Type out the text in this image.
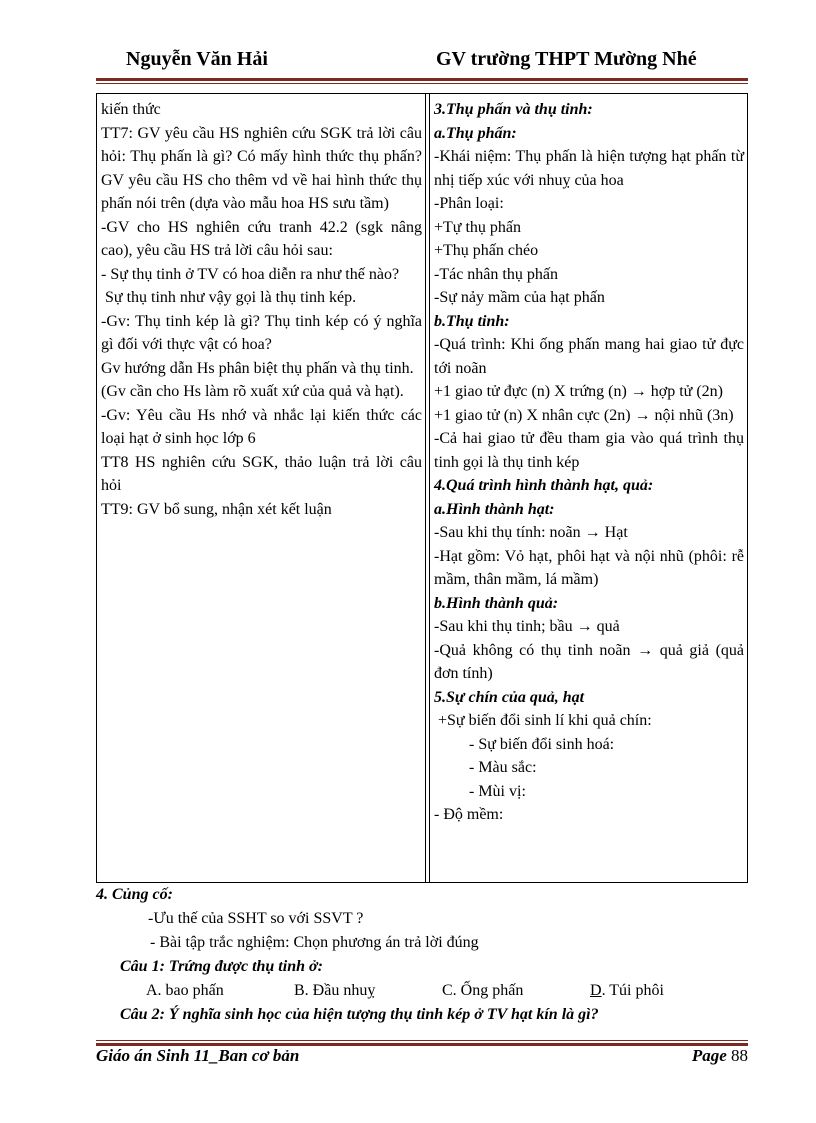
Nguyễn Văn Hải	GV trường THPT Mường Nhé

kiến thức

TT7: GV yêu cầu HS nghiên cứu SGK trả lời câu hỏi: Thụ phấn là gì? Có mấy hình thức thụ phấn? GV yêu cầu HS cho thêm vd về hai hình thức thụ phấn nói trên (dựa vào mẫu hoa HS sưu tầm)

-GV cho HS nghiên cứu tranh 42.2 (sgk nâng cao), yêu cầu HS trả lời câu hỏi sau:

- Sự thụ tinh ở TV có hoa diễn ra như thế nào?

Sự thụ tinh như vậy gọi là thụ tinh kép.

-Gv: Thụ tinh kép là gì? Thụ tinh kép có ý nghĩa gì đối với thực vật có hoa?

Gv hướng dẫn Hs phân biệt thụ phấn và thụ tinh.

(Gv cần cho Hs làm rõ xuất xứ của quả và hạt).

-Gv: Yêu cầu Hs nhớ và nhắc lại kiến thức các loại hạt ở sinh học lớp 6

TT8 HS nghiên cứu SGK, thảo luận trả lời câu hỏi

TT9: GV bổ sung, nhận xét kết luận

3.Thụ phấn và thụ tinh:

a.Thụ phấn:

-Khái niệm: Thụ phấn là hiện tượng hạt phấn từ nhị tiếp xúc với nhuỵ của hoa

-Phân loại:

+Tự thụ phấn

+Thụ phấn chéo

-Tác nhân thụ phấn

-Sự nảy mầm của hạt phấn

b.Thụ tinh:

-Quá trình: Khi ống phấn mang hai giao tử đực tới noãn

+1 giao tử đực (n) X trứng (n) → hợp tử (2n)

+1 giao tử (n) X nhân cực (2n) → nội nhũ (3n)

-Cả hai giao tử đều tham gia vào quá trình thụ tinh gọi là thụ tinh kép

4.Quá trình hình thành hạt, quả:

a.Hình thành hạt:

-Sau khi thụ tính: noãn → Hạt

-Hạt gồm: Vỏ hạt, phôi hạt và nội nhũ (phôi: rễ mầm, thân mầm, lá mầm)

b.Hình thành quả:

-Sau khi thụ tinh; bầu → quả

-Quả không có thụ tinh noãn → quả giả (quả đơn tính)

5.Sự chín của quả, hạt

+Sự biến đổi sinh lí khi quả chín:

- Sự biến đổi sinh hoá:

- Màu sắc:

- Mùi vị:

- Độ mềm:

4. Củng cố:

-Ưu thế của SSHT so với SSVT ?

- Bài tập trắc nghiệm: Chọn phương án trả lời đúng

Câu 1: Trứng được thụ tinh ở:

A. bao phấn	B. Đầu nhuỵ	C. Ống phấn	D. Túi phôi

Câu 2: Ý nghĩa sinh học của hiện tượng thụ tinh kép ở TV hạt kín là gì?

Giáo án Sinh 11_Ban cơ bản	Page 88
